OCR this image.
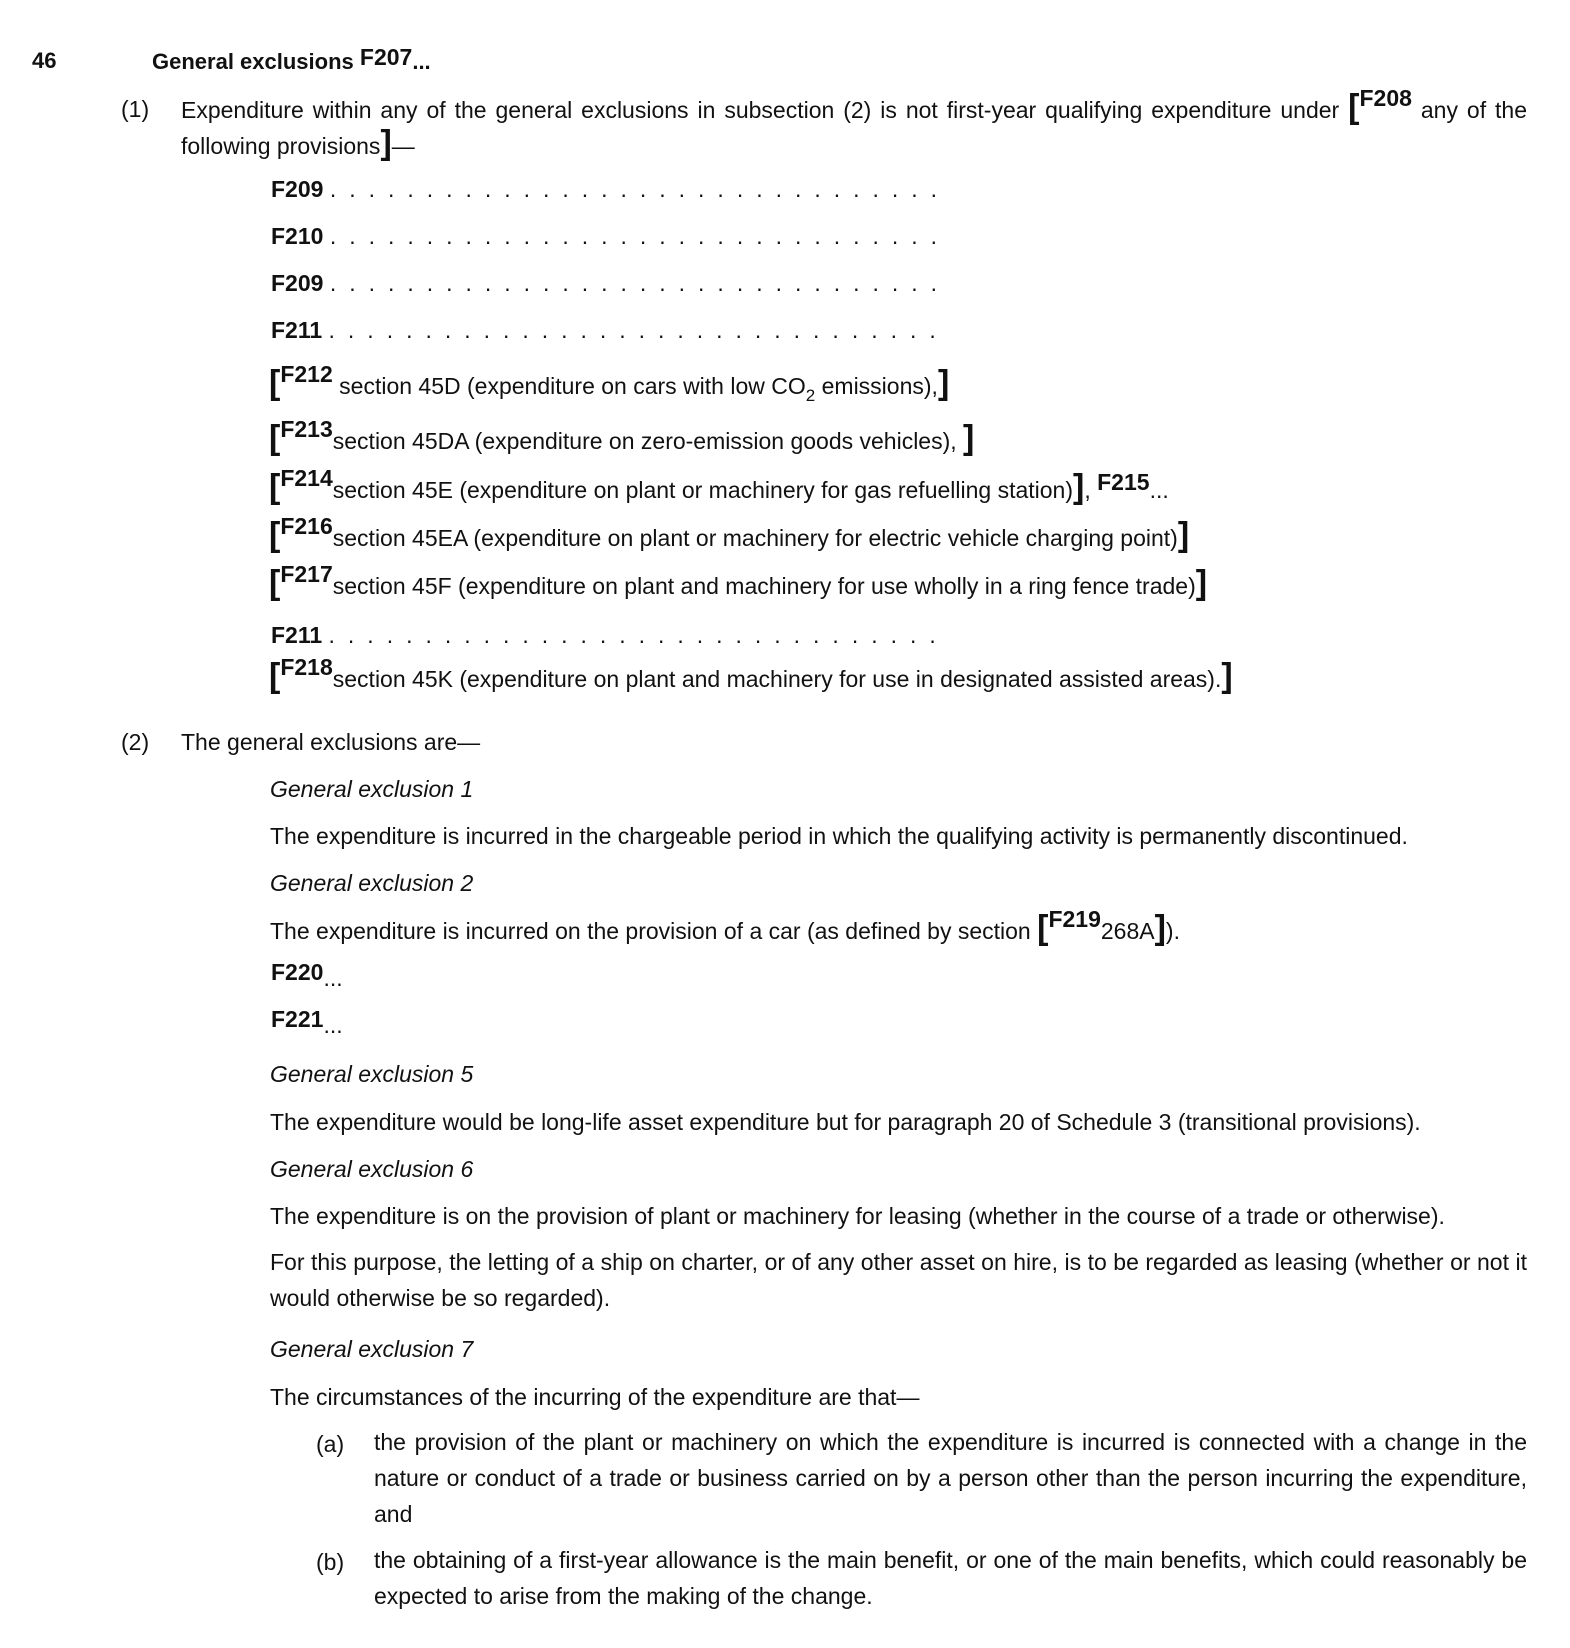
46	General exclusions F207...
(1) Expenditure within any of the general exclusions in subsection (2) is not first-year qualifying expenditure under [F208 any of the following provisions]—
F209 . . . . . . . . . . . . . . . . . . . . . . . . . . . . . . . .
F210 . . . . . . . . . . . . . . . . . . . . . . . . . . . . . . . .
F209 . . . . . . . . . . . . . . . . . . . . . . . . . . . . . . . .
F211 . . . . . . . . . . . . . . . . . . . . . . . . . . . . . . . .
[F212 section 45D (expenditure on cars with low $CO_2$ emissions),]
[F213section 45DA (expenditure on zero-emission goods vehicles), ]
[F214section 45E (expenditure on plant or machinery for gas refuelling station)], F215...
[F216section 45EA (expenditure on plant or machinery for electric vehicle charging point)]
[F217section 45F (expenditure on plant and machinery for use wholly in a ring fence trade)]
F211 . . . . . . . . . . . . . . . . . . . . . . . . . . . . . . . .
[F218section 45K (expenditure on plant and machinery for use in designated assisted areas).]
(2) The general exclusions are—
General exclusion 1
The expenditure is incurred in the chargeable period in which the qualifying activity is permanently discontinued.
General exclusion 2
The expenditure is incurred on the provision of a car (as defined by section [F219268A]).
F220...
F221...
General exclusion 5
The expenditure would be long-life asset expenditure but for paragraph 20 of Schedule 3 (transitional provisions).
General exclusion 6
The expenditure is on the provision of plant or machinery for leasing (whether in the course of a trade or otherwise).
For this purpose, the letting of a ship on charter, or of any other asset on hire, is to be regarded as leasing (whether or not it would otherwise be so regarded).
General exclusion 7
The circumstances of the incurring of the expenditure are that—
(a) the provision of the plant or machinery on which the expenditure is incurred is connected with a change in the nature or conduct of a trade or business carried on by a person other than the person incurring the expenditure, and
(b) the obtaining of a first-year allowance is the main benefit, or one of the main benefits, which could reasonably be expected to arise from the making of the change.
